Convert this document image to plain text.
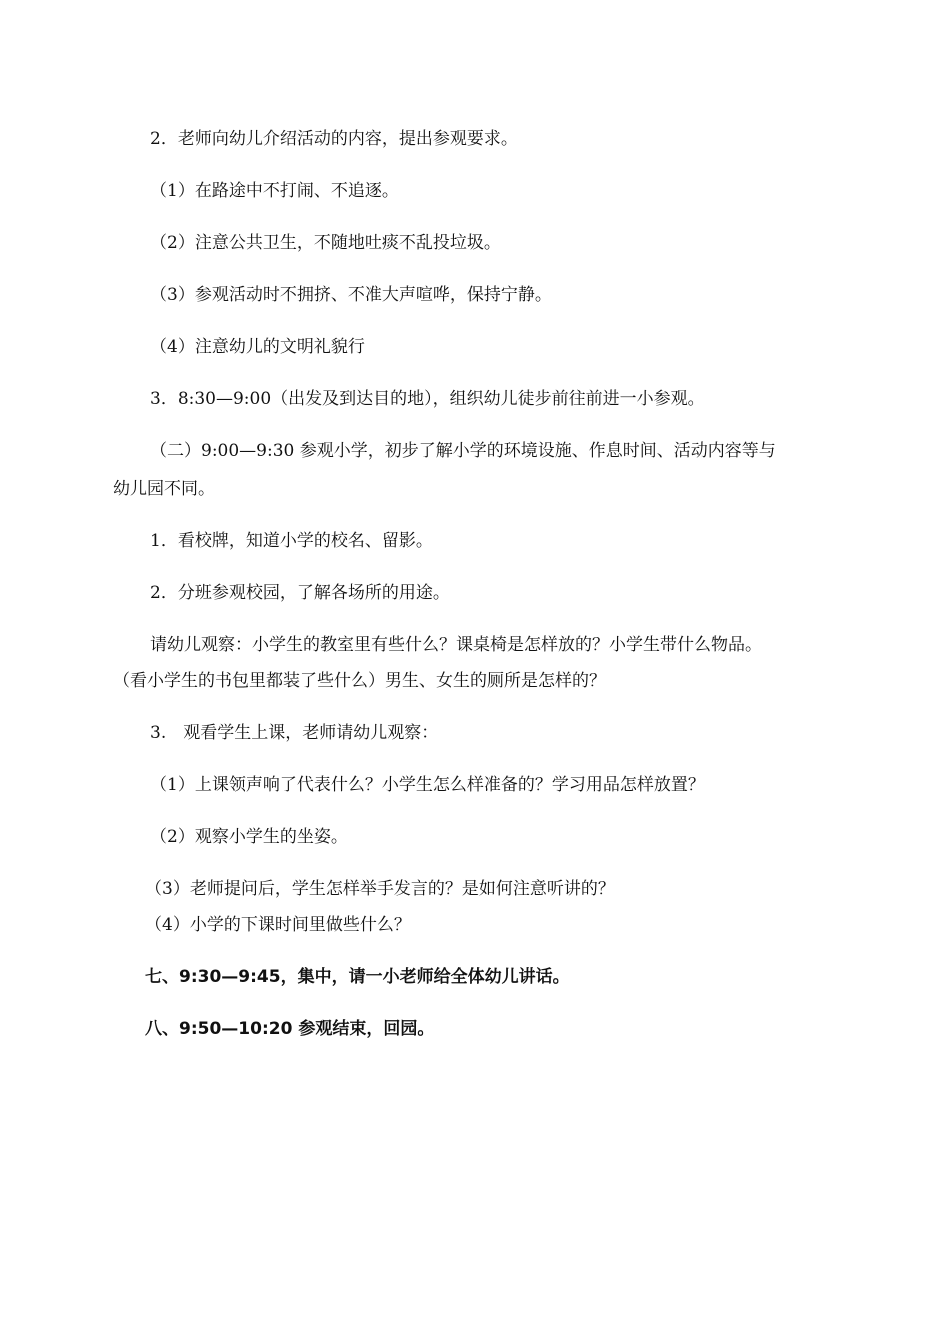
2．老师向幼儿介绍活动的内容，提出参观要求。
（1）在路途中不打闹、不追逐。
（2）注意公共卫生，不随地吐痰不乱投垃圾。
（3）参观活动时不拥挤、不准大声喧哗，保持宁静。
（4）注意幼儿的文明礼貌行
3．8:30—9:00（出发及到达目的地），组织幼儿徒步前往前进一小参观。
（二）9:00—9:30 参观小学，初步了解小学的环境设施、作息时间、活动内容等与
幼儿园不同。
1．看校牌，知道小学的校名、留影。
2．分班参观校园，了解各场所的用途。
请幼儿观察：小学生的教室里有些什么？课桌椅是怎样放的？小学生带什么物品。
（看小学生的书包里都装了些什么）男生、女生的厕所是怎样的？
3.　观看学生上课，老师请幼儿观察：
（1）上课领声响了代表什么？小学生怎么样准备的？学习用品怎样放置？
（2）观察小学生的坐姿。
（3）老师提问后，学生怎样举手发言的？是如何注意听讲的？
（4）小学的下课时间里做些什么？
七、9:30—9:45，集中，请一小老师给全体幼儿讲话。
八、9:50—10:20 参观结束，回园。
